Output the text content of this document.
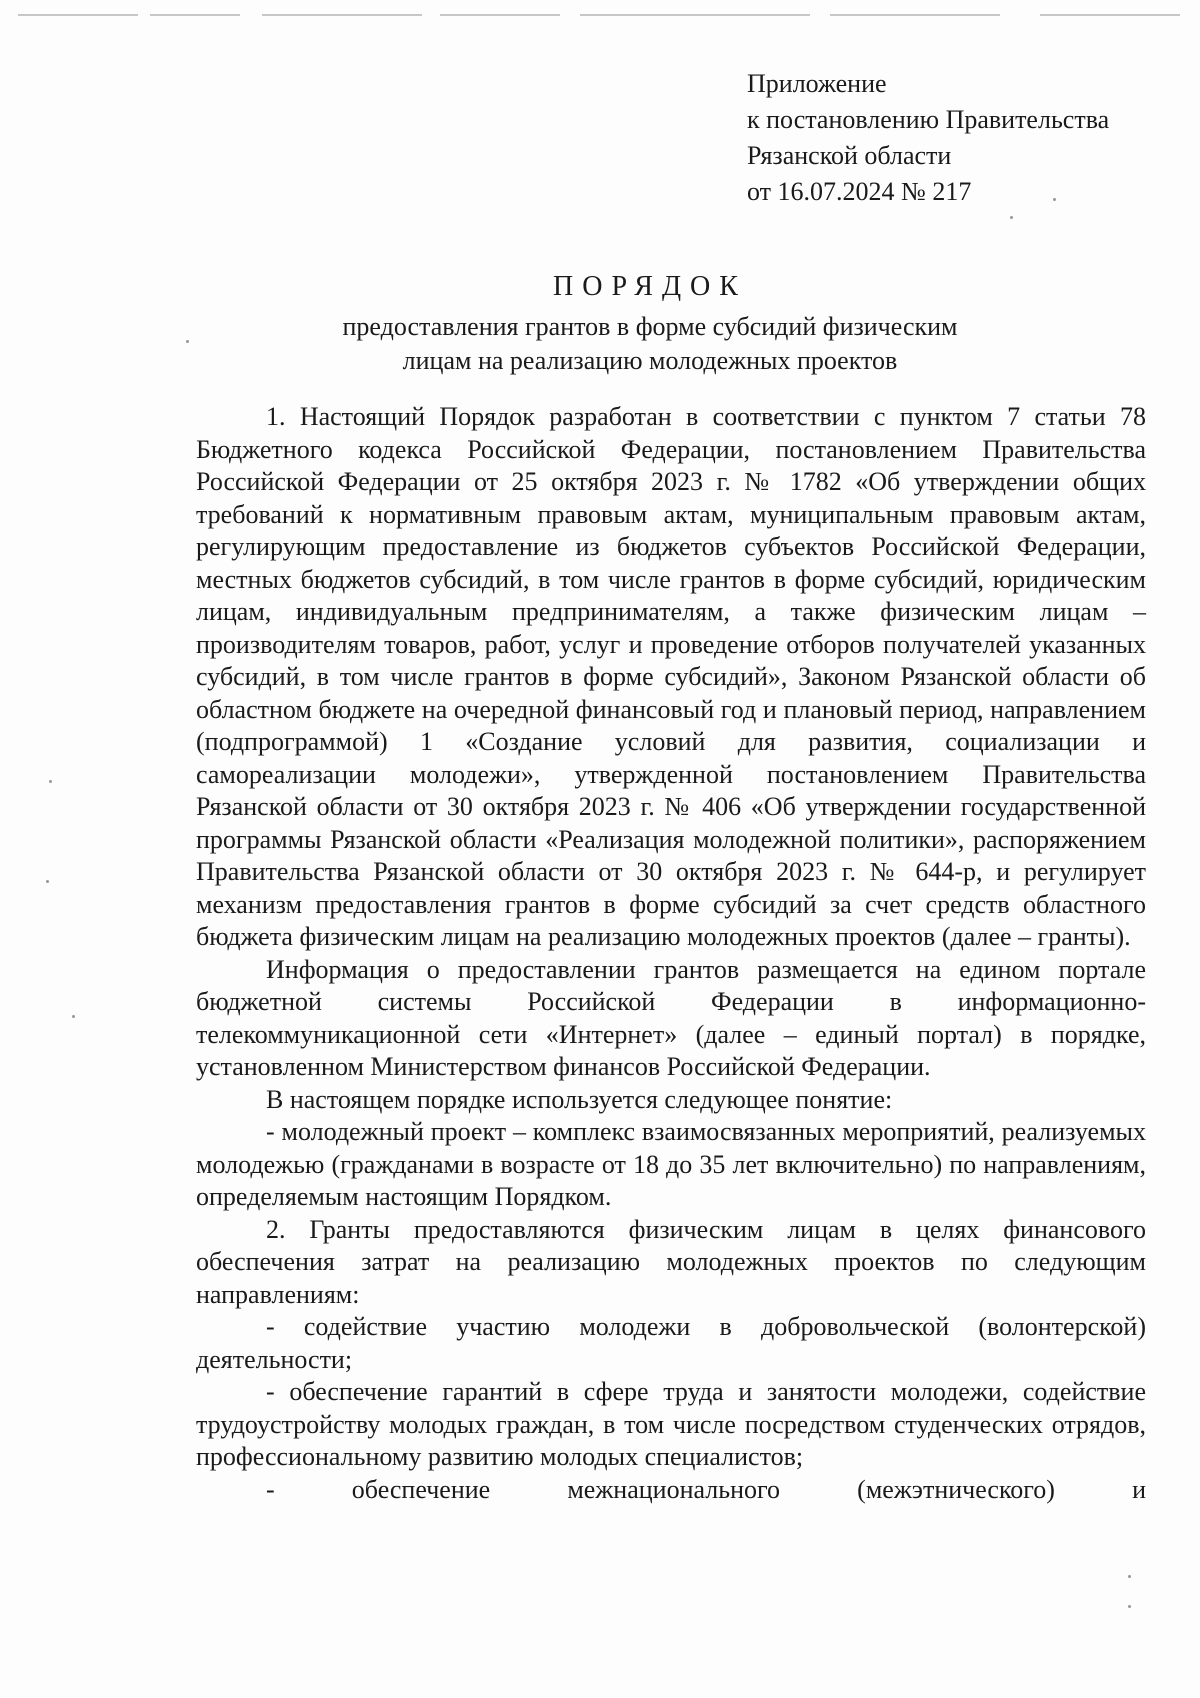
Приложение
к постановлению Правительства
Рязанской области
от 16.07.2024 № 217
ПОРЯДОК
предоставления грантов в форме субсидий физическим
лицам на реализацию молодежных проектов

1. Настоящий Порядок разработан в соответствии с пунктом 7 статьи 78 Бюджетного кодекса Российской Федерации, постановлением Правительства Российской Федерации от 25 октября 2023 г. № 1782 «Об утверждении общих требований к нормативным правовым актам, муниципальным правовым актам, регулирующим предоставление из бюджетов субъектов Российской Федерации, местных бюджетов субсидий, в том числе грантов в форме субсидий, юридическим лицам, индивидуальным предпринимателям, а также физическим лицам – производителям товаров, работ, услуг и проведение отборов получателей указанных субсидий, в том числе грантов в форме субсидий», Законом Рязанской области об областном бюджете на очередной финансовый год и плановый период, направлением (подпрограммой) 1 «Создание условий для развития, социализации и самореализации молодежи», утвержденной постановлением Правительства Рязанской области от 30 октября 2023 г. № 406 «Об утверждении государственной программы Рязанской области «Реализация молодежной политики», распоряжением Правительства Рязанской области от 30 октября 2023 г. № 644-р, и регулирует механизм предоставления грантов в форме субсидий за счет средств областного бюджета физическим лицам на реализацию молодежных проектов (далее – гранты).

Информация о предоставлении грантов размещается на едином портале бюджетной системы Российской Федерации в информационно-телекоммуникационной сети «Интернет» (далее – единый портал) в порядке, установленном Министерством финансов Российской Федерации.

В настоящем порядке используется следующее понятие:

- молодежный проект – комплекс взаимосвязанных мероприятий, реализуемых молодежью (гражданами в возрасте от 18 до 35 лет включительно) по направлениям, определяемым настоящим Порядком.

2. Гранты предоставляются физическим лицам в целях финансового обеспечения затрат на реализацию молодежных проектов по следующим направлениям:

- содействие участию молодежи в добровольческой (волонтерской) деятельности;

- обеспечение гарантий в сфере труда и занятости молодежи, содействие трудоустройству молодых граждан, в том числе посредством студенческих отрядов, профессиональному развитию молодых специалистов;

- обеспечение межнационального (межэтнического) и
